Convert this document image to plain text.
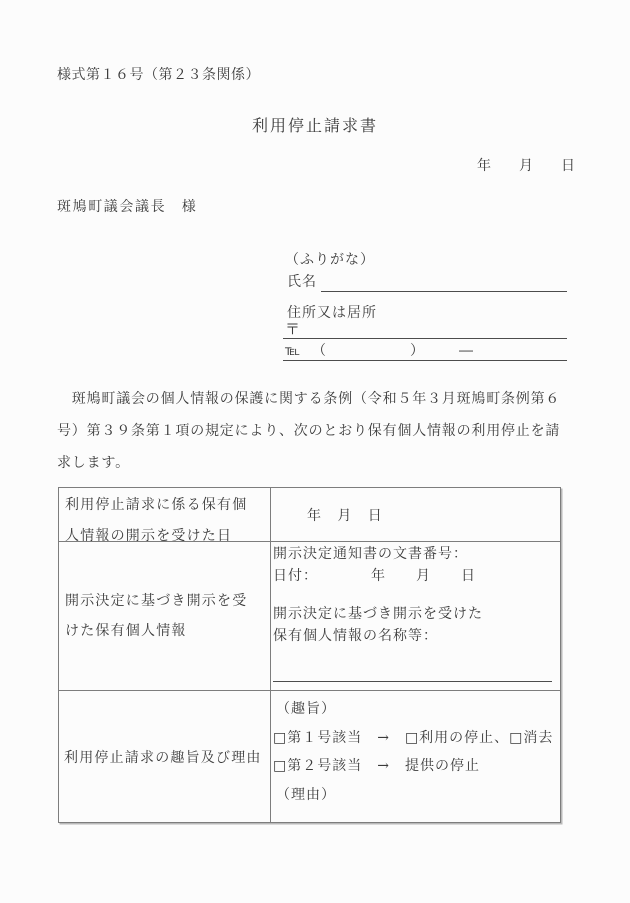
様式第１６号（第２３条関係）
利用停止請求書
年　　月　　日
斑鳩町議会議長　様
（ふりがな）
氏名
住所又は居所
〒
℡ （　　　　　　）　　　―
　斑鳩町議会の個人情報の保護に関する条例（令和５年３月斑鳩町条例第６
号）第３９条第１項の規定により、次のとおり保有個人情報の利用停止を請
求します。
利用停止請求に係る保有個
人情報の開示を受けた日
年　月　日
開示決定に基づき開示を受
けた保有個人情報
開示決定通知書の文書番号：
日付：　　　　年　　月　　日
開示決定に基づき開示を受けた
保有個人情報の名称等：
利用停止請求の趣旨及び理由
（趣旨）
□第１号該当　→　□利用の停止、□消去
□第２号該当　→　提供の停止
（理由）
